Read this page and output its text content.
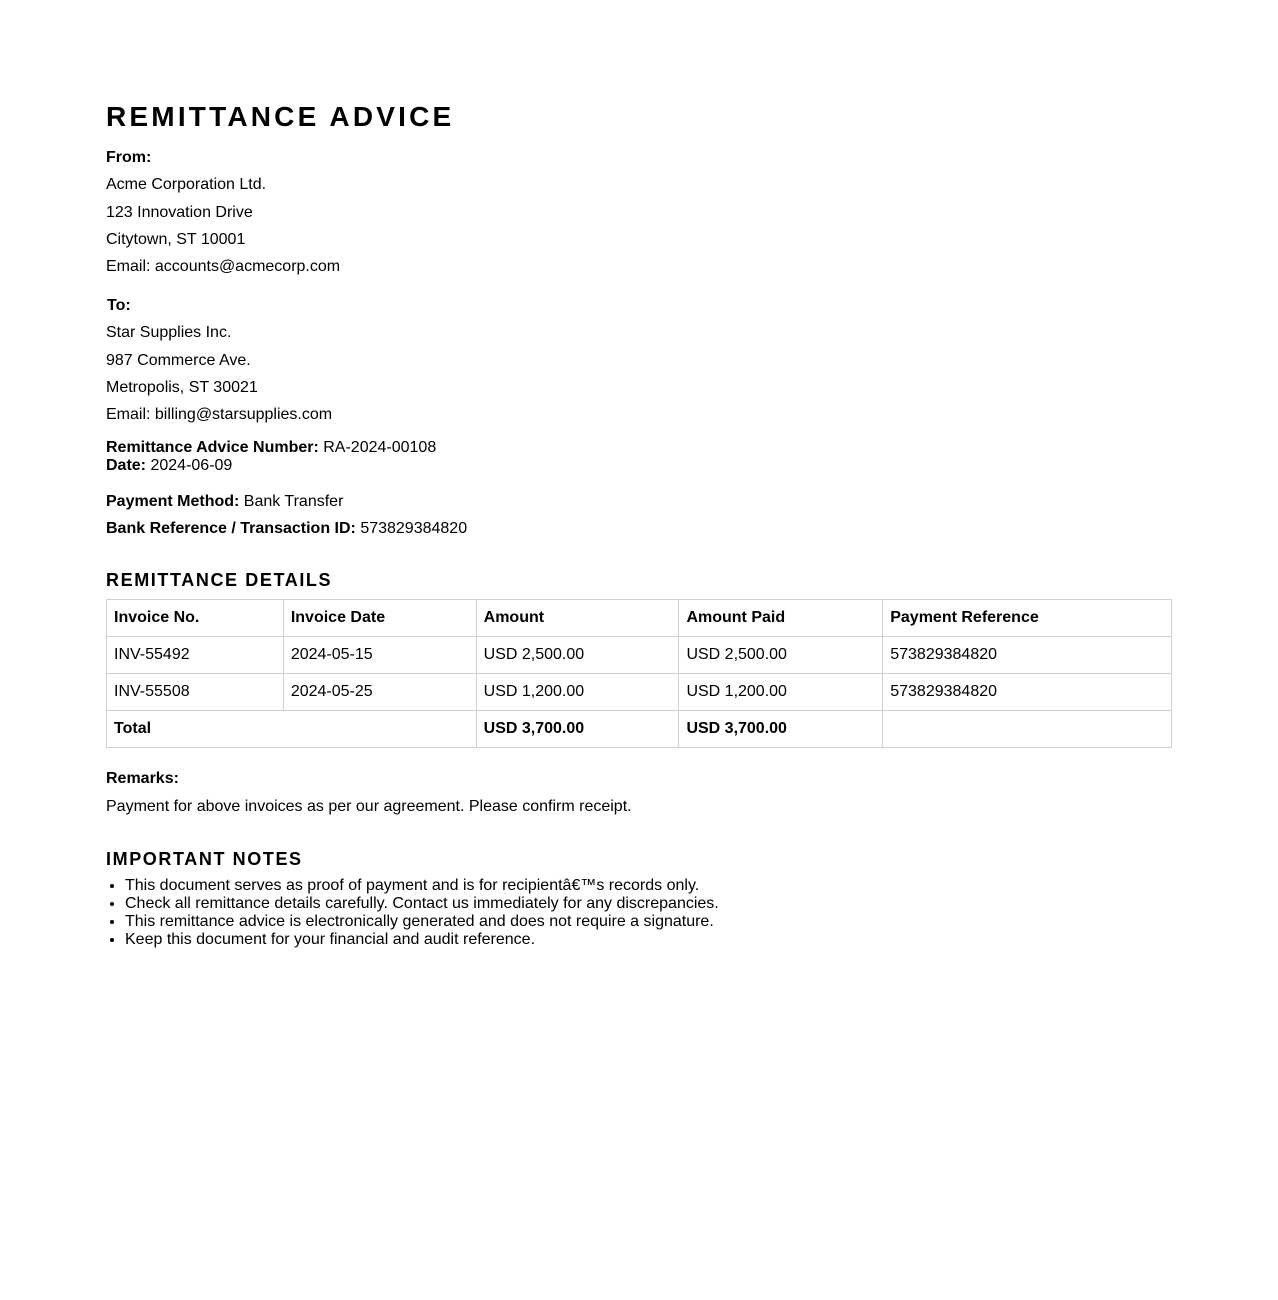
REMITTANCE ADVICE
From:
Acme Corporation Ltd.
123 Innovation Drive
Citytown, ST 10001
Email: accounts@acmecorp.com
To:
Star Supplies Inc.
987 Commerce Ave.
Metropolis, ST 30021
Email: billing@starsupplies.com
Remittance Advice Number: RA-2024-00108
Date: 2024-06-09
Payment Method: Bank Transfer
Bank Reference / Transaction ID: 573829384820
REMITTANCE DETAILS
Invoice No.	Invoice Date	Amount	Amount Paid	Payment Reference
INV-55492	2024-05-15	USD 2,500.00	USD 2,500.00	573829384820
INV-55508	2024-05-25	USD 1,200.00	USD 1,200.00	573829384820
Total		USD 3,700.00	USD 3,700.00	
Remarks:
Payment for above invoices as per our agreement. Please confirm receipt.
IMPORTANT NOTES
• This document serves as proof of payment and is for recipientâ€™s records only.
• Check all remittance details carefully. Contact us immediately for any discrepancies.
• This remittance advice is electronically generated and does not require a signature.
• Keep this document for your financial and audit reference.
